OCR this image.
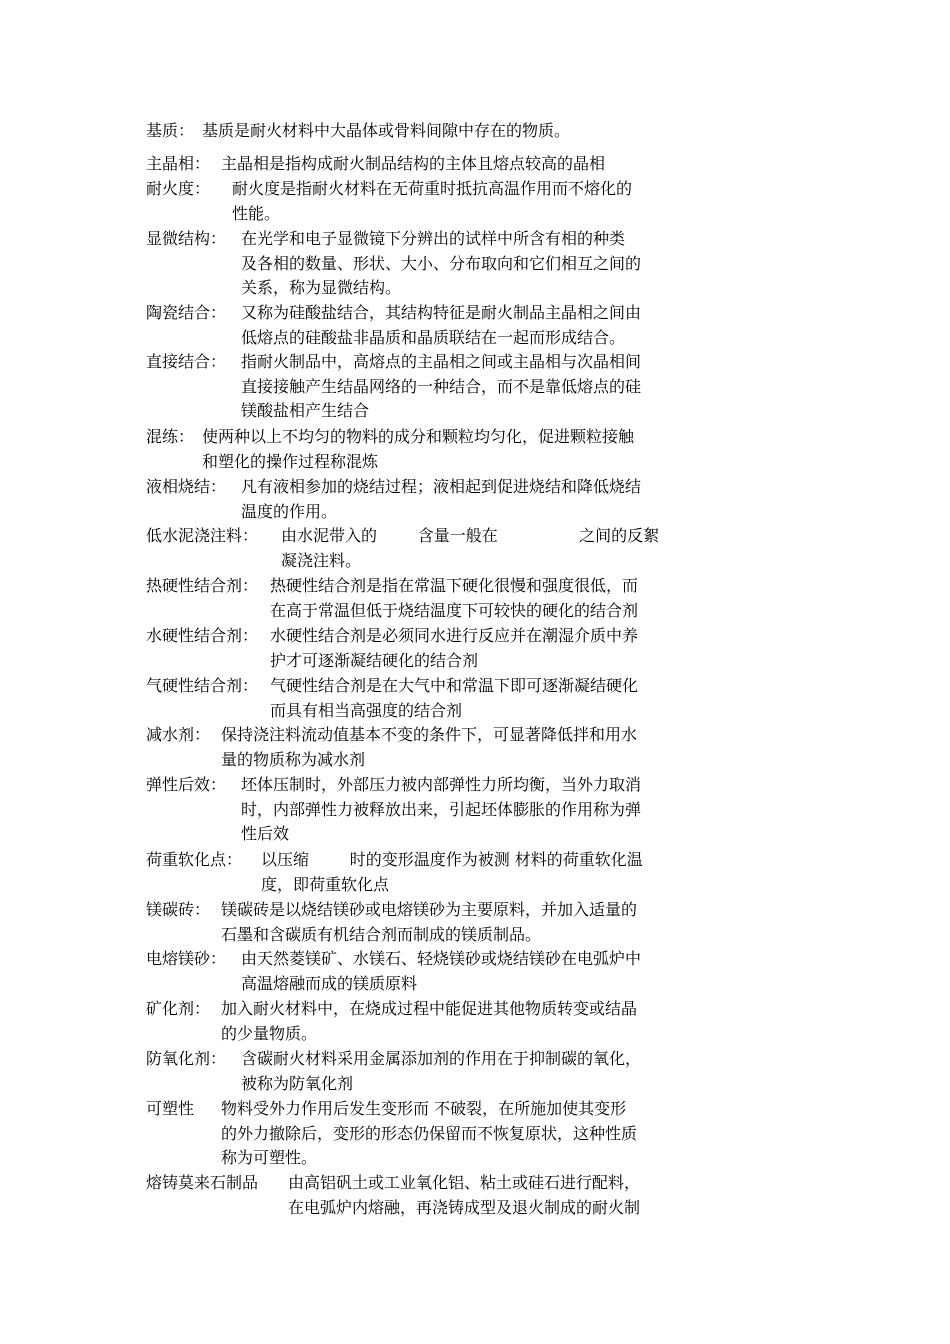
基质： 基质是耐火材料中大晶体或骨料间隙中存在的物质。
主晶相： 主晶相是指构成耐火制品结构的主体且熔点较高的晶相
耐火度： 耐火度是指耐火材料在无荷重时抵抗高温作用而不熔化的
性能。
显微结构： 在光学和电子显微镜下分辨出的试样中所含有相的种类
及各相的数量、形状、大小、分布取向和它们相互之间的
关系，称为显微结构。
陶瓷结合： 又称为硅酸盐结合，其结构特征是耐火制品主晶相之间由
低熔点的硅酸盐非晶质和晶质联结在一起而形成结合。
直接结合： 指耐火制品中，高熔点的主晶相之间或主晶相与次晶相间
直接接触产生结晶网络的一种结合，而不是靠低熔点的硅
镁酸盐相产生结合
混练： 使两种以上不均匀的物料的成分和颗粒均匀化，促进颗粒接触
和塑化的操作过程称混炼
液相烧结： 凡有液相参加的烧结过程；液相起到促进烧结和降低烧结
温度的作用。
低水泥浇注料： 由水泥带入的        含量一般在                之间的反絮
凝浇注料。
热硬性结合剂： 热硬性结合剂是指在常温下硬化很慢和强度很低，而
在高于常温但低于烧结温度下可较快的硬化的结合剂
水硬性结合剂： 水硬性结合剂是必须同水进行反应并在潮湿介质中养
护才可逐渐凝结硬化的结合剂
气硬性结合剂： 气硬性结合剂是在大气中和常温下即可逐渐凝结硬化
而具有相当高强度的结合剂
减水剂： 保持浇注料流动值基本不变的条件下，可显著降低拌和用水
量的物质称为减水剂
弹性后效： 坯体压制时，外部压力被内部弹性力所均衡，当外力取消
时，内部弹性力被释放出来，引起坯体膨胀的作用称为弹
性后效
荷重软化点： 以压缩        时的变形温度作为被测 材料的荷重软化温
度，即荷重软化点
镁碳砖： 镁碳砖是以烧结镁砂或电熔镁砂为主要原料，并加入适量的
石墨和含碳质有机结合剂而制成的镁质制品。
电熔镁砂： 由天然菱镁矿、水镁石、轻烧镁砂或烧结镁砂在电弧炉中
高温熔融而成的镁质原料
矿化剂： 加入耐火材料中，在烧成过程中能促进其他物质转变或结晶
的少量物质。
防氧化剂： 含碳耐火材料采用金属添加剂的作用在于抑制碳的氧化，
被称为防氧化剂
可塑性 物料受外力作用后发生变形而 不破裂，在所施加使其变形
的外力撤除后，变形的形态仍保留而不恢复原状，这种性质
称为可塑性。
熔铸莫来石制品 由高铝矾土或工业氧化铝、粘土或硅石进行配料，
在电弧炉内熔融，再浇铸成型及退火制成的耐火制
